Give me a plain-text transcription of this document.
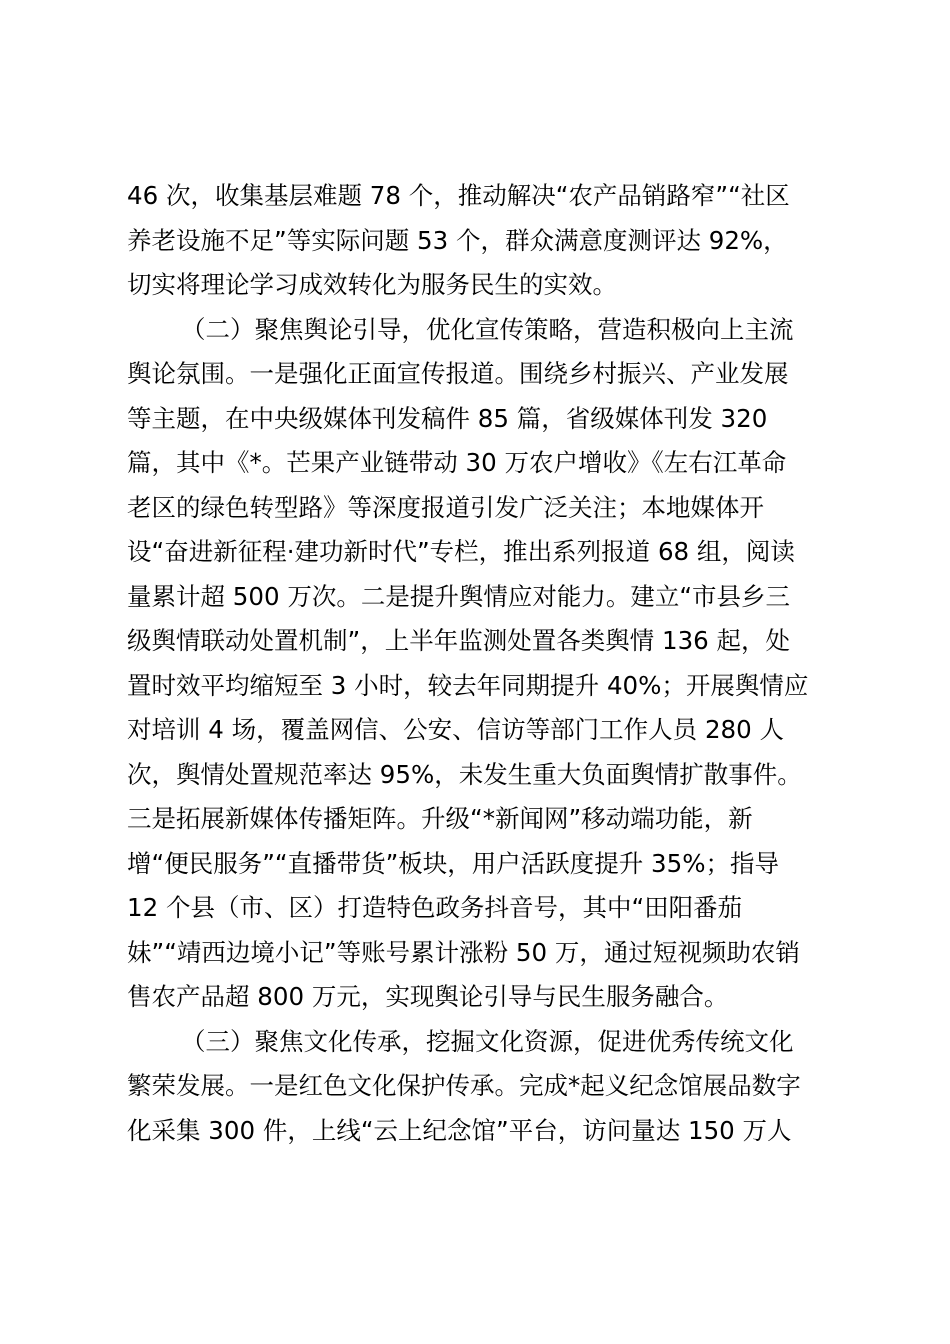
46 次，收集基层难题 78 个，推动解决“农产品销路窄”“社区
养老设施不足”等实际问题 53 个，群众满意度测评达 92%，
切实将理论学习成效转化为服务民生的实效。
（二）聚焦舆论引导，优化宣传策略，营造积极向上主流
舆论氛围。一是强化正面宣传报道。围绕乡村振兴、产业发展
等主题，在中央级媒体刊发稿件 85 篇，省级媒体刊发 320
篇，其中《*。芒果产业链带动 30 万农户增收》《左右江革命
老区的绿色转型路》等深度报道引发广泛关注；本地媒体开
设“奋进新征程·建功新时代”专栏，推出系列报道 68 组，阅读
量累计超 500 万次。二是提升舆情应对能力。建立“市县乡三
级舆情联动处置机制”，上半年监测处置各类舆情 136 起，处
置时效平均缩短至 3 小时，较去年同期提升 40%；开展舆情应
对培训 4 场，覆盖网信、公安、信访等部门工作人员 280 人
次，舆情处置规范率达 95%，未发生重大负面舆情扩散事件。
三是拓展新媒体传播矩阵。升级“*新闻网”移动端功能，新
增“便民服务”“直播带货”板块，用户活跃度提升 35%；指导
12 个县（市、区）打造特色政务抖音号，其中“田阳番茄
妹”“靖西边境小记”等账号累计涨粉 50 万，通过短视频助农销
售农产品超 800 万元，实现舆论引导与民生服务融合。
（三）聚焦文化传承，挖掘文化资源，促进优秀传统文化
繁荣发展。一是红色文化保护传承。完成*起义纪念馆展品数字
化采集 300 件，上线“云上纪念馆”平台，访问量达 150 万人
